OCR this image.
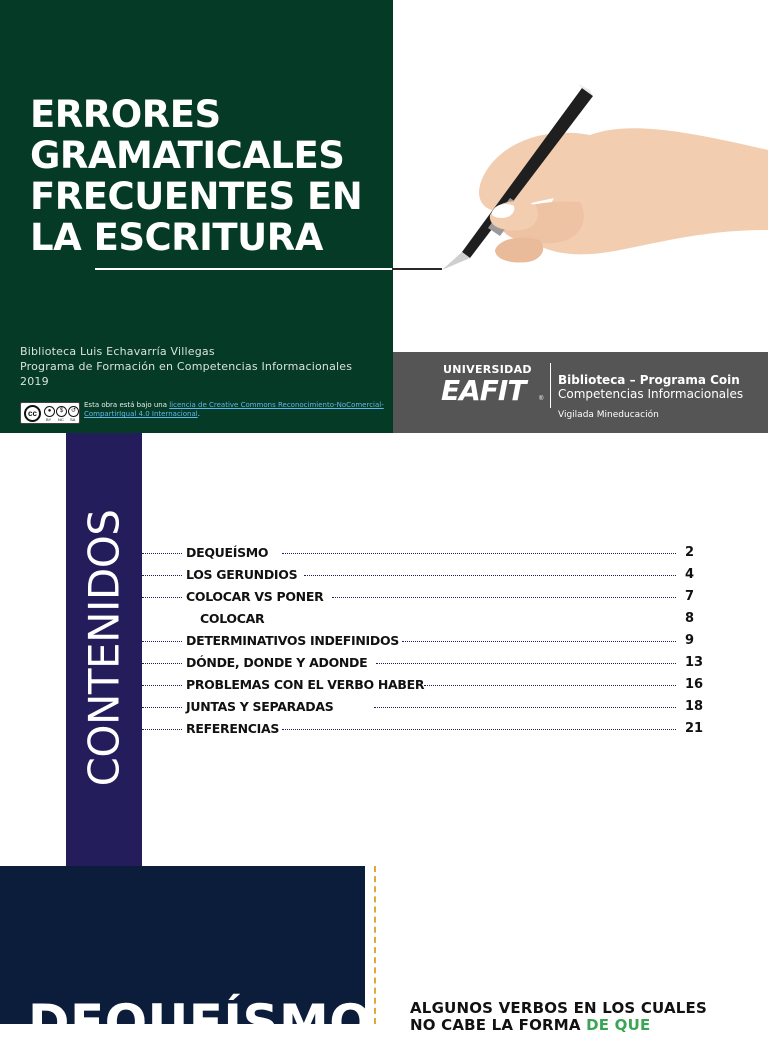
ERRORES
GRAMATICALES
FRECUENTES EN
LA ESCRITURA
Biblioteca Luis Echavarría Villegas
Programa de Formación en Competencias Informacionales
2019
cc	●	$	↺
BY NC SA
Esta obra está bajo una licencia de Creative Commons Reconocimiento-NoComercial-CompartirIgual 4.0 Internacional.
UNIVERSIDAD
EAFIT ®
Biblioteca – Programa Coin
Competencias Informacionales
Vigilada Mineducación
CONTENIDOS	DEQUEÍSMO	2
LOS GERUNDIOS	4
COLOCAR VS PONER	7
COLOCAR	8
DETERMINATIVOS INDEFINIDOS	9
DÓNDE, DONDE Y ADONDE	13
PROBLEMAS CON EL VERBO HABER	16
JUNTAS Y SEPARADAS	18
REFERENCIAS	21
DEQUEÍSMO	ALGUNOS VERBOS EN LOS CUALES
NO CABE LA FORMA DE QUE
